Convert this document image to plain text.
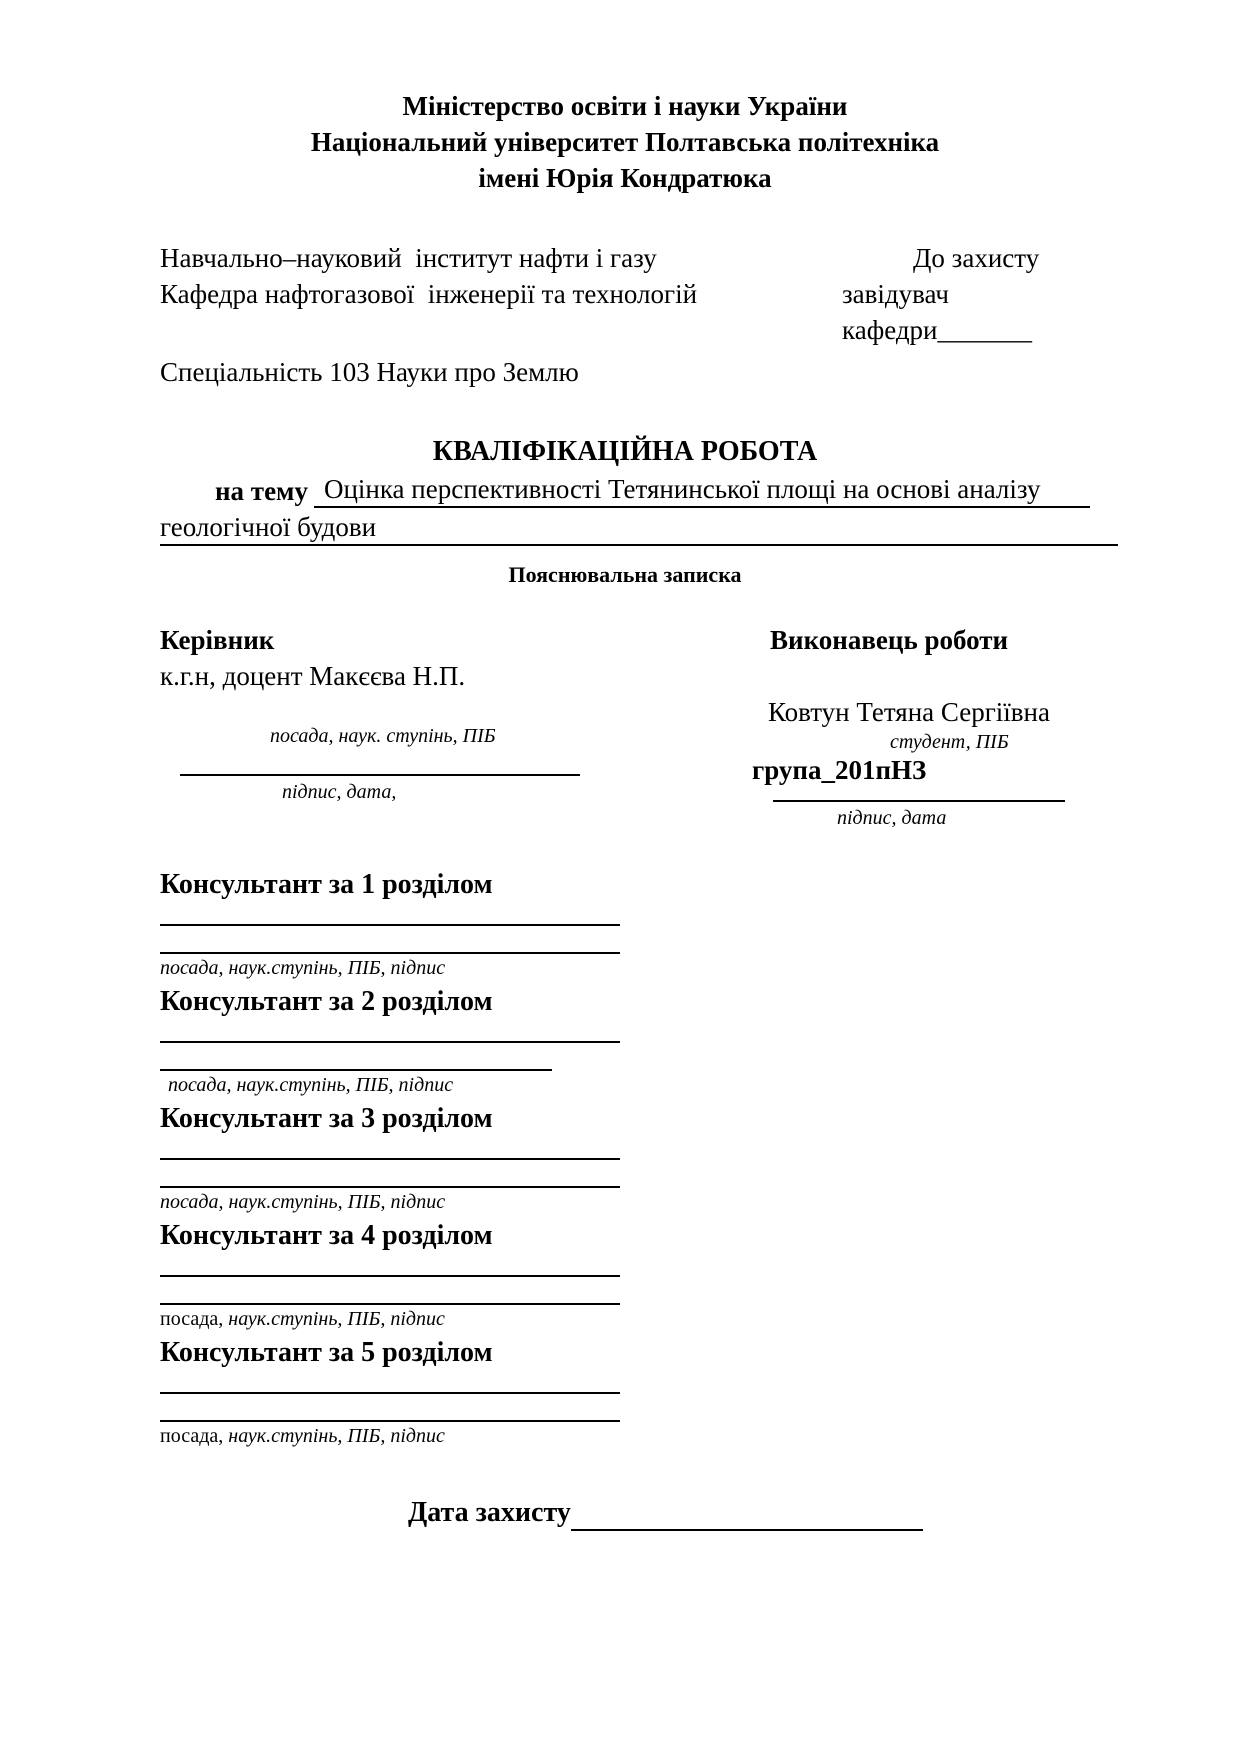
Міністерство освіти і науки України
Національний університет Полтавська політехніка
імені Юрія Кондратюка
Навчально–науковий  інститут нафти і газу
Кафедра нафтогазової  інженерії та технологій
До захисту
завідувач
кафедри_______
Спеціальність 103 Науки про Землю
КВАЛІФІКАЦІЙНА РОБОТА
на тему Оцінка перспективності Тетянинської площі на основі аналізу
геологічної будови
Пояснювальна записка
Керівник
к.г.н, доцент Макєєва Н.П.
посада, наук. ступінь, ПІБ
підпис, дата,
Виконавець роботи
Ковтун Тетяна Сергіївна
студент, ПІБ
група_201пНЗ
підпис, дата
Консультант за 1 розділом
посада, наук.ступінь, ПІБ, підпис
Консультант за 2 розділом
посада, наук.ступінь, ПІБ, підпис
Консультант за 3 розділом
посада, наук.ступінь, ПІБ, підпис
Консультант за 4 розділом
посада, наук.ступінь, ПІБ, підпис
Консультант за 5 розділом
посада, наук.ступінь, ПІБ, підпис
Дата захисту
